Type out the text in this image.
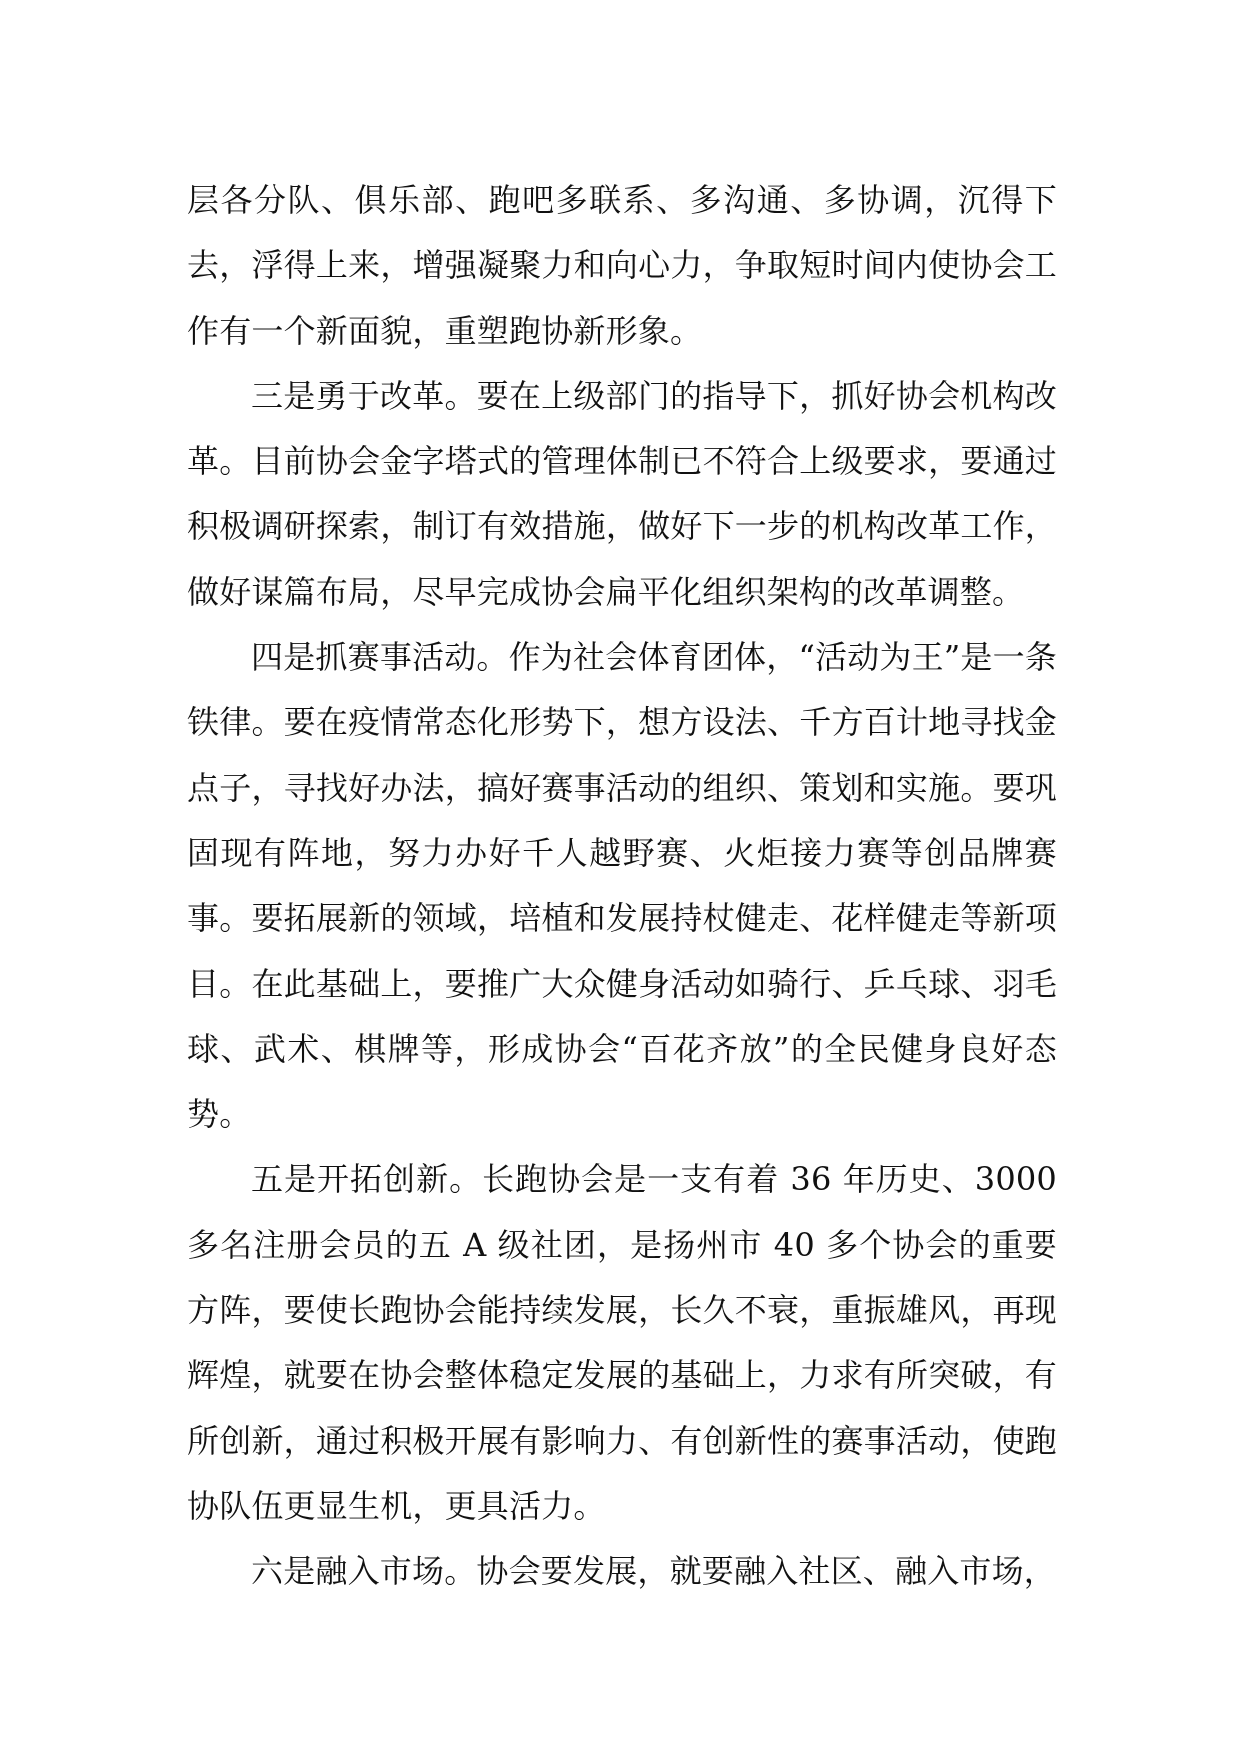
层各分队、俱乐部、跑吧多联系、多沟通、多协调，沉得下去，浮得上来，增强凝聚力和向心力，争取短时间内使协会工作有一个新面貌，重塑跑协新形象。

三是勇于改革。要在上级部门的指导下，抓好协会机构改革。目前协会金字塔式的管理体制已不符合上级要求，要通过积极调研探索，制订有效措施，做好下一步的机构改革工作，做好谋篇布局，尽早完成协会扁平化组织架构的改革调整。

四是抓赛事活动。作为社会体育团体，“活动为王”是一条铁律。要在疫情常态化形势下，想方设法、千方百计地寻找金点子，寻找好办法，搞好赛事活动的组织、策划和实施。要巩固现有阵地，努力办好千人越野赛、火炬接力赛等创品牌赛事。要拓展新的领域，培植和发展持杖健走、花样健走等新项目。在此基础上，要推广大众健身活动如骑行、乒乓球、羽毛球、武术、棋牌等，形成协会“百花齐放”的全民健身良好态势。

五是开拓创新。长跑协会是一支有着 36 年历史、3000 多名注册会员的五 A 级社团，是扬州市 40 多个协会的重要方阵，要使长跑协会能持续发展，长久不衰，重振雄风，再现辉煌，就要在协会整体稳定发展的基础上，力求有所突破，有所创新，通过积极开展有影响力、有创新性的赛事活动，使跑协队伍更显生机，更具活力。

六是融入市场。协会要发展，就要融入社区、融入市场，
